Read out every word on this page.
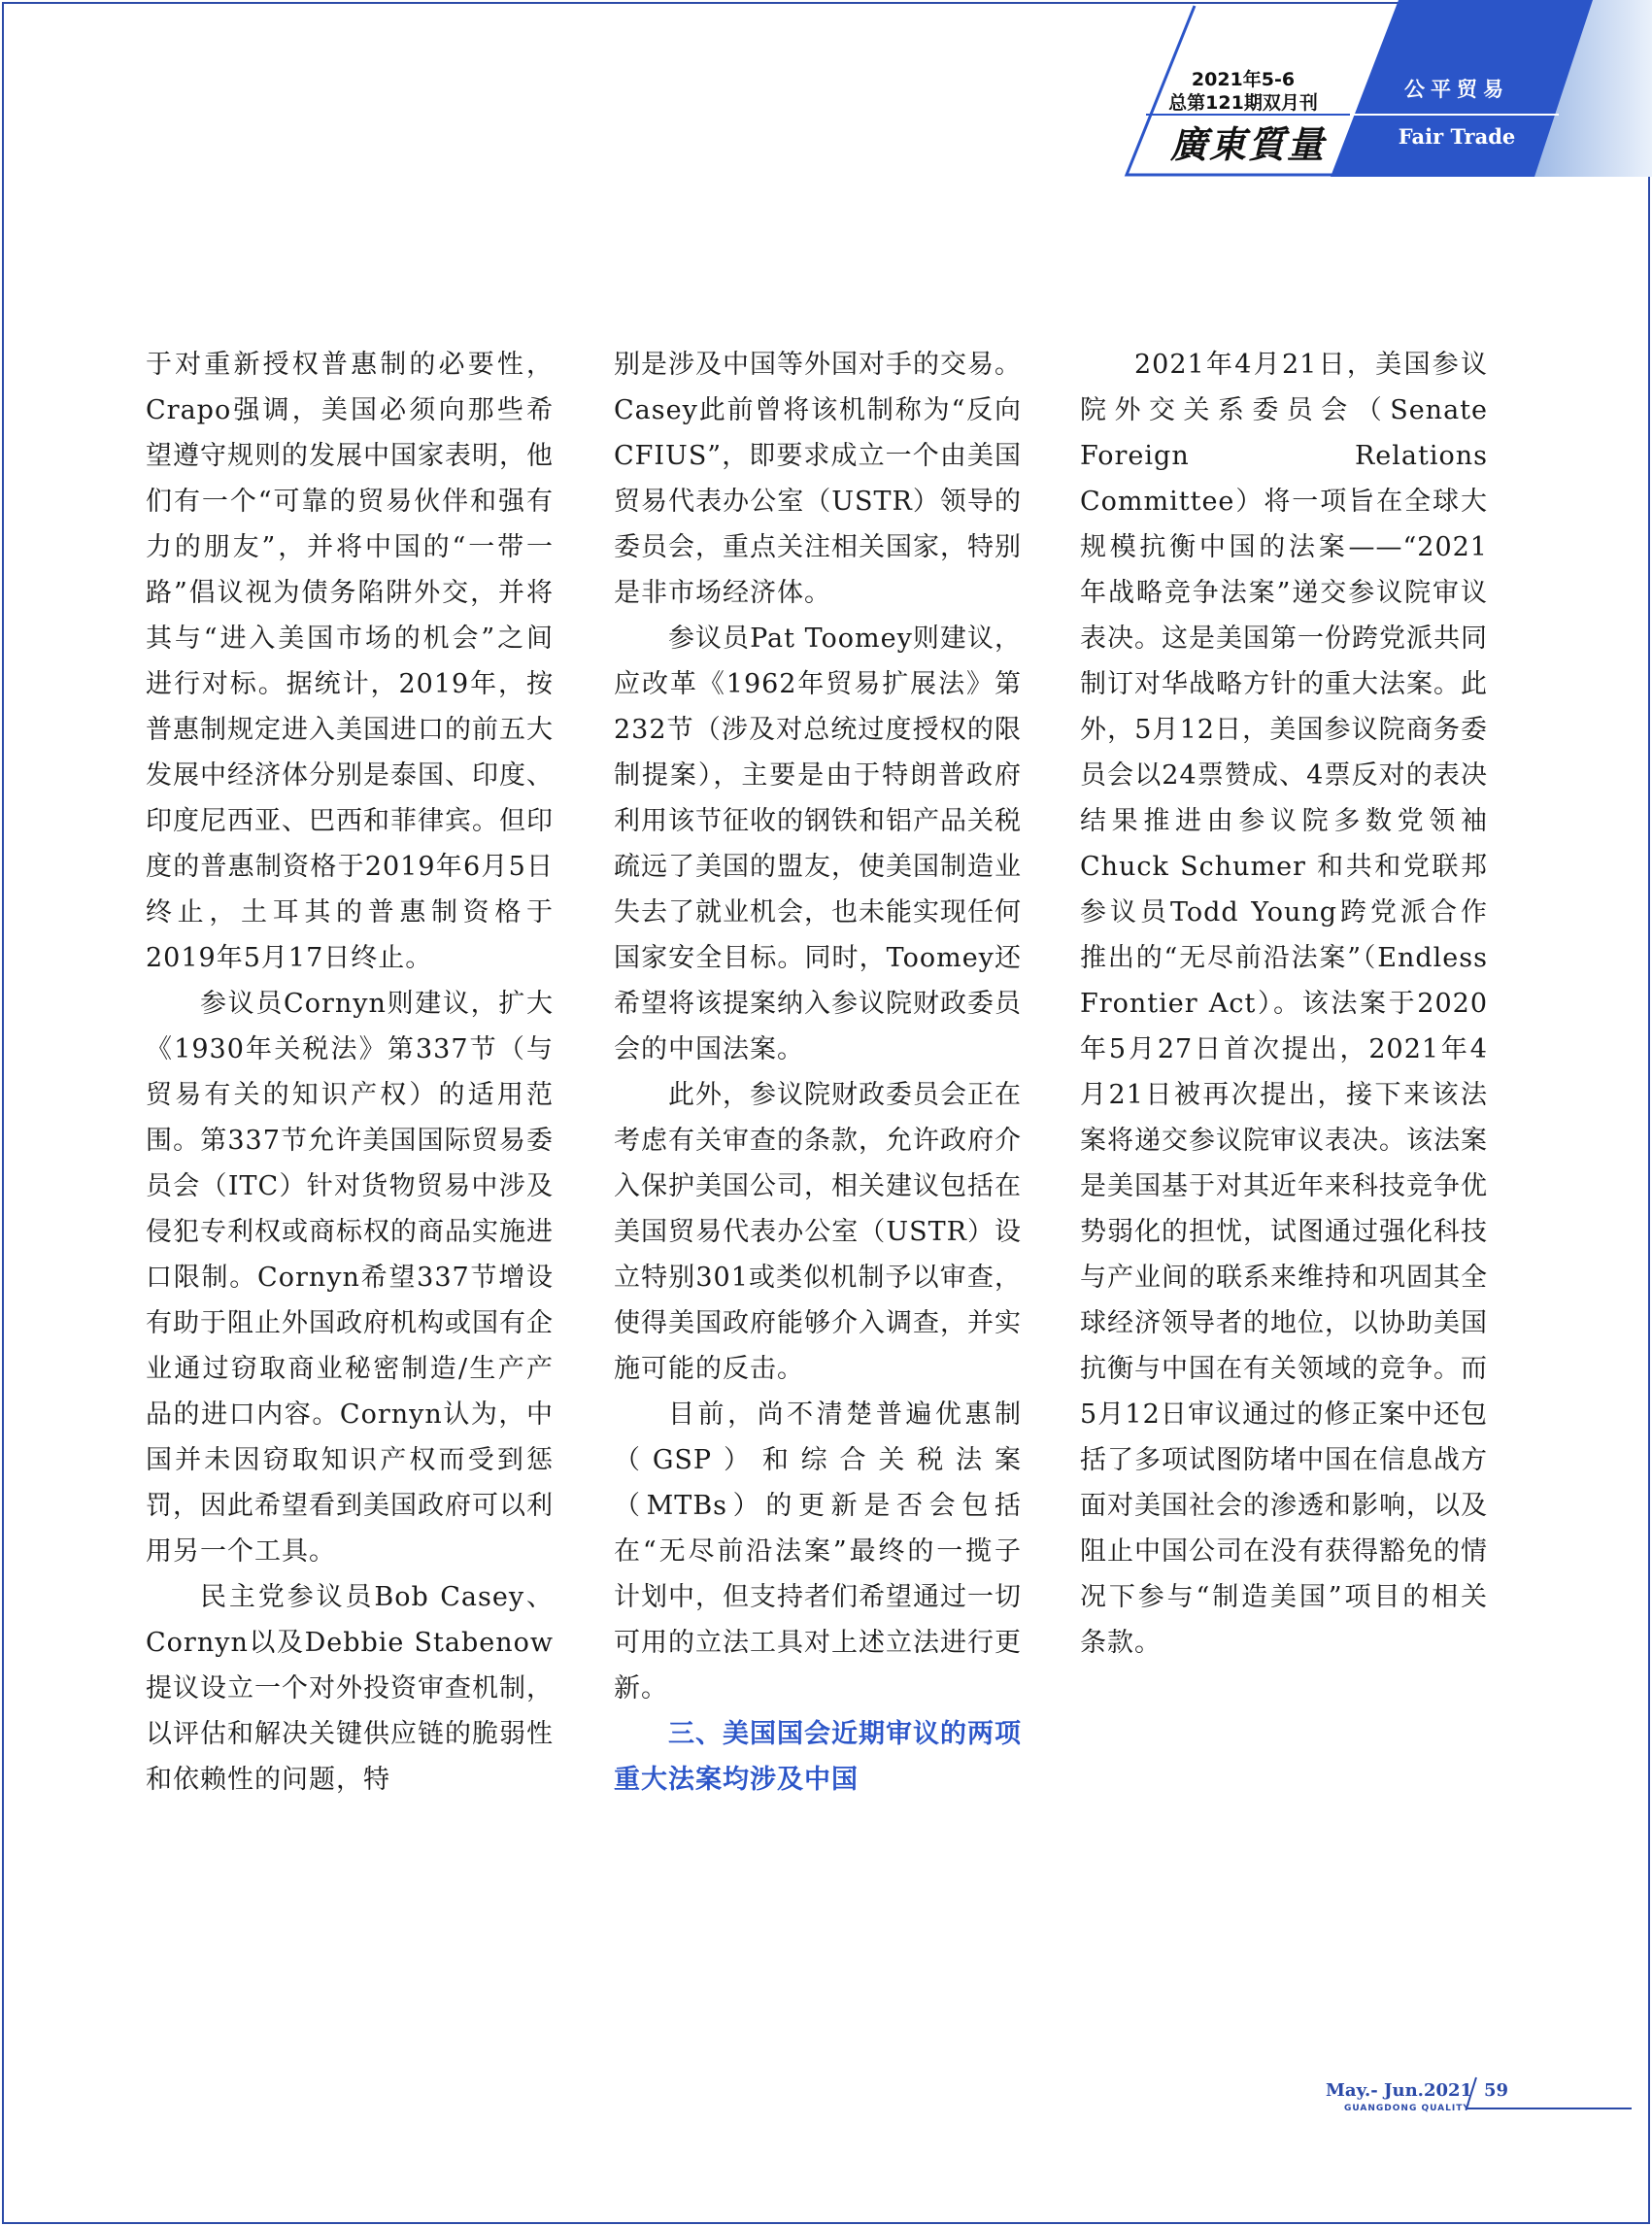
2021年5-6
总第121期双月刊
廣東質量
公平贸易
Fair Trade

于对重新授权普惠制的必要性，Crapo强调，美国必须向那些希望遵守规则的发展中国家表明，他们有一个“可靠的贸易伙伴和强有力的朋友”，并将中国的“一带一路”倡议视为债务陷阱外交，并将其与“进入美国市场的机会”之间进行对标。据统计，2019年，按普惠制规定进入美国进口的前五大发展中经济体分别是泰国、印度、印度尼西亚、巴西和菲律宾。但印度的普惠制资格于2019年6月5日终止，土耳其的普惠制资格于2019年5月17日终止。

参议员Cornyn则建议，扩大《1930年关税法》第337节（与贸易有关的知识产权）的适用范围。第337节允许美国国际贸易委员会（ITC）针对货物贸易中涉及侵犯专利权或商标权的商品实施进口限制。Cornyn希望337节增设有助于阻止外国政府机构或国有企业通过窃取商业秘密制造/生产产品的进口内容。Cornyn认为，中国并未因窃取知识产权而受到惩罚，因此希望看到美国政府可以利用另一个工具。

民主党参议员Bob Casey、Cornyn以及Debbie Stabenow提议设立一个对外投资审查机制，以评估和解决关键供应链的脆弱性和依赖性的问题，特

别是涉及中国等外国对手的交易。Casey此前曾将该机制称为“反向CFIUS”，即要求成立一个由美国贸易代表办公室（USTR）领导的委员会，重点关注相关国家，特别是非市场经济体。

参议员Pat Toomey则建议，应改革《1962年贸易扩展法》第232节（涉及对总统过度授权的限制提案），主要是由于特朗普政府利用该节征收的钢铁和铝产品关税疏远了美国的盟友，使美国制造业失去了就业机会，也未能实现任何国家安全目标。同时，Toomey还希望将该提案纳入参议院财政委员会的中国法案。

此外，参议院财政委员会正在考虑有关审查的条款，允许政府介入保护美国公司，相关建议包括在美国贸易代表办公室（USTR）设立特别301或类似机制予以审查，使得美国政府能够介入调查，并实施可能的反击。

目前，尚不清楚普遍优惠制（GSP）和综合关税法案（MTBs）的更新是否会包括在“无尽前沿法案”最终的一揽子计划中，但支持者们希望通过一切可用的立法工具对上述立法进行更新。

三、美国国会近期审议的两项重大法案均涉及中国

2021年4月21日，美国参议院外交关系委员会（Senate Foreign Relations Committee）将一项旨在全球大规模抗衡中国的法案——“2021年战略竞争法案”递交参议院审议表决。这是美国第一份跨党派共同制订对华战略方针的重大法案。此外，5月12日，美国参议院商务委员会以24票赞成、4票反对的表决结果推进由参议院多数党领袖Chuck Schumer 和共和党联邦参议员Todd Young跨党派合作推出的“无尽前沿法案”（Endless Frontier Act）。该法案于2020年5月27日首次提出，2021年4月21日被再次提出，接下来该法案将递交参议院审议表决。该法案是美国基于对其近年来科技竞争优势弱化的担忧，试图通过强化科技与产业间的联系来维持和巩固其全球经济领导者的地位，以协助美国抗衡与中国在有关领域的竞争。而5月12日审议通过的修正案中还包括了多项试图防堵中国在信息战方面对美国社会的渗透和影响，以及阻止中国公司在没有获得豁免的情况下参与“制造美国”项目的相关条款。

May.- Jun.2021
GUANGDONG QUALITY
59
